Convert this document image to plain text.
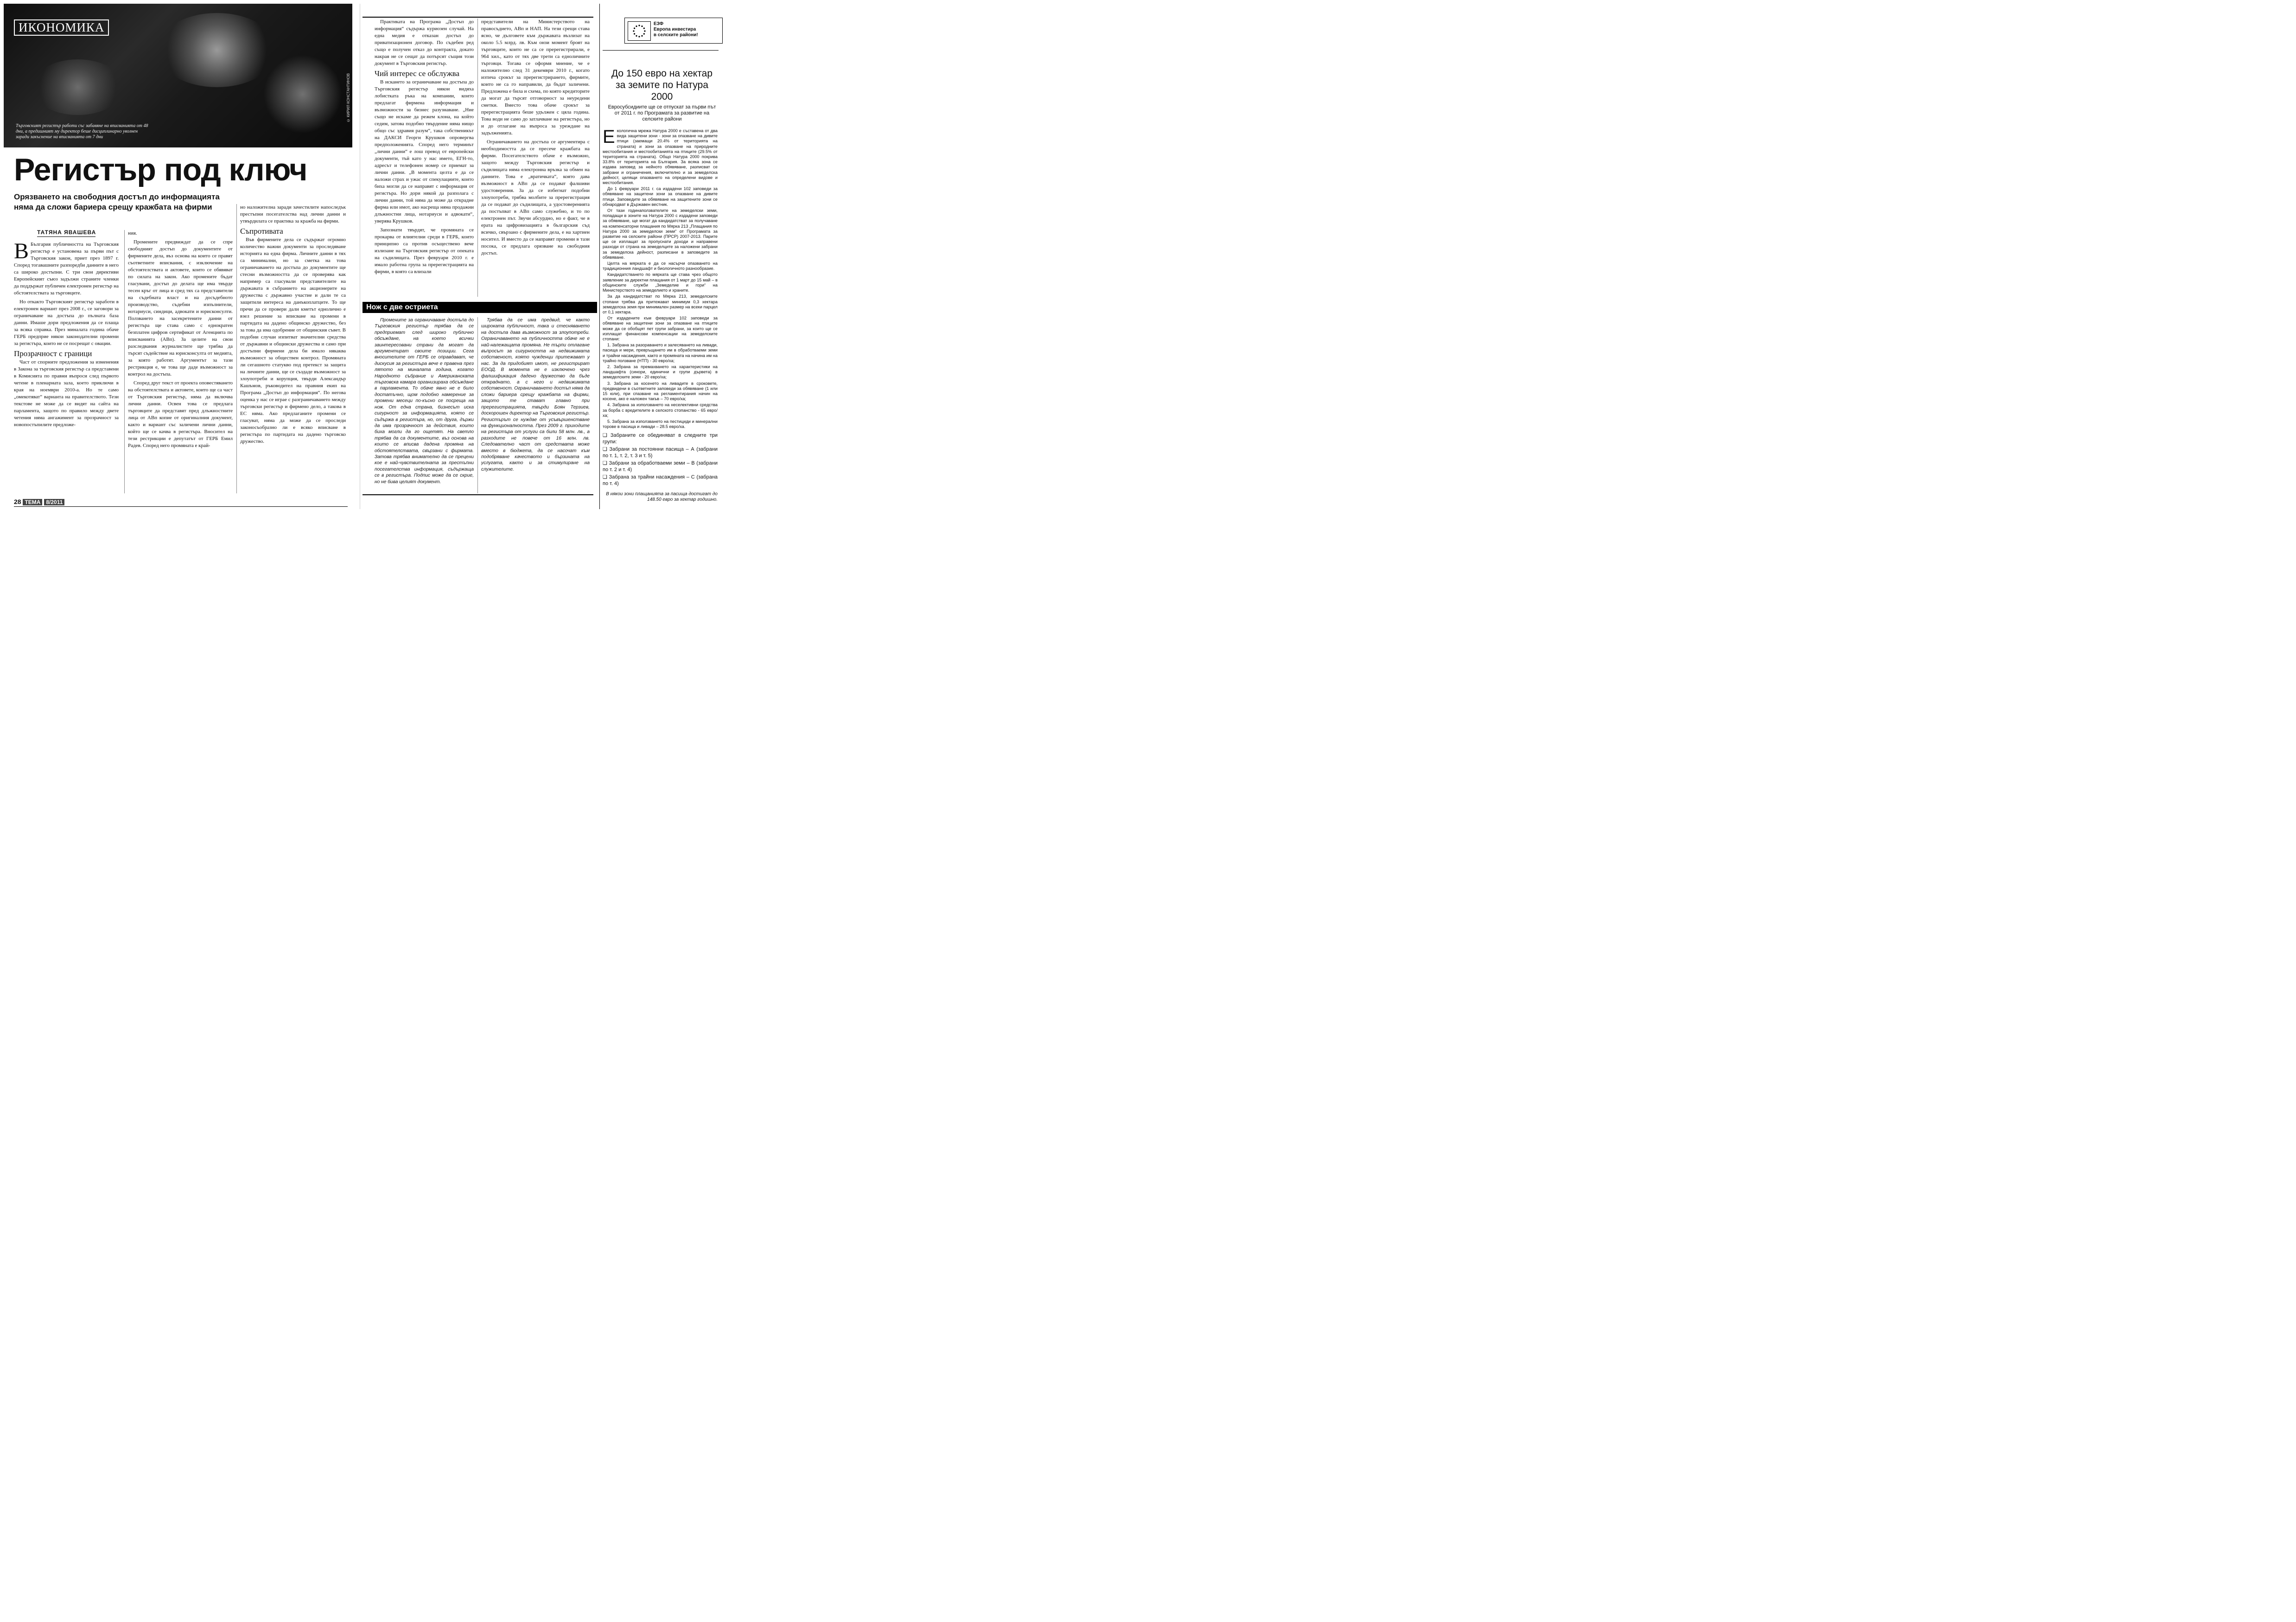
ИКОНОМИКА
Търговският регистър работи със забавяне на вписванията от 48 дни, а предишният му директор беше дисциплинарно уволнен заради закъснение на вписванията от 7 дни
© КИРИЛ КОНСТАНТИНОВ
Регистър под ключ
Орязването на свободния достъп до информацията няма да сложи бариера срещу кражбата на фирми
ТАТЯНА ЯВАШЕВА

В България публичността на Търговския регистър е установена за първи път с Търговския закон, приет през 1897 г. Според тогавашните разпоредби данните в него са широко достъпни. С три свои директиви Европейският съюз задължи страните членки да поддържат публичен електронен регистър на обстоятелствата за търговците.

Но откакто Търговският регистър заработи в електронен вариант през 2008 г., се заговори за ограничаване на достъпа до пълната база данни. Имаше дори предложения да се плаща за всяка справка. През миналата година обаче ГЕРБ предприе някои законодателни промени за регистъра, които не се посрещат с овации.

Прозрачност с граници

Част от спорните предложения за изменения в Закона за търговския регистър са представени в Комисията по правни въпроси след първото четене в пленарната зала, което приключи в края на ноември 2010-а. Но те само „омекотяват“ варианта на правителството. Тези текстове не може да се видят на сайта на парламента, защото по правило между двете четения няма ангажимент за прозрачност за новопостъпилите предложе-

ния.

Промените предвиждат да се спре свободният достъп до документите от фирмените дела, въз основа на които се правят съответните вписвания, с изключение на обстоятелствата и актовете, които се обявяват по силата на закон. Ако промените бъдат гласувани, достъп до делата ще има твърде тесен кръг от лица и сред тях са представители на съдебната власт и на досъдебното производство, съдебни изпълнители, нотариуси, синдици, адвокати и юрисконсулти. Ползването на засекретените данни от регистъра ще става само с еднократен безплатен цифров сертификат от Агенцията по вписванията (АВп). За целите на свои разследвания журналистите ще трябва да търсят съдействие на юрисконсулта от медията, за която работят. Аргументът за тази рестрикция е, че това ще даде възможност за контрол на достъпа.

Според друг текст от проекта оповестяването на обстоятелствата и актовете, които ще са част от Търговския регистър, няма да включва лични данни. Освен това се предлага търговците да представят пред длъжностните лица от АВп копие от оригиналния документ, както и вариант със заличени лични данни, който ще се качва в регистъра. Вносител на тези рестрикции е депутатът от ГЕРБ Емил Радев. Според него промяната е край-

но наложителна заради зачестилите напоследък престъпни посегателства над лични данни и утвърдилата се практика за кражба на фирми.

Съпротивата

Във фирмените дела се съдържат огромно количество важни документи за проследяване историята на една фирма. Личните данни в тях са минимални, но за сметка на това ограничаването на достъпа до документите ще стесни възможността да се проверява как например са гласували представителите на държавата в събранието на акционерите на дружества с държавно участие и дали те са защитили интереса на данъкоплатците. То ще пречи да се провери дали кметът еднолично е взел решение за вписване на промени в партидата на дадено общинско дружество, без за това да има одобрение от общинския съвет. В подобни случаи изпитват значителни средства от държавни и общински дружества и само при достъпни фирмени дела би имало някаква възможност за обществен контрол. Промяната ли сегашното статукво под претекст за защита на личните данни, ще се създаде възможност за злоупотреби и корупция, твърди Александър Кашъмов, ръководител на правния екип на Програма „Достъп до информация“. По негова оценка у нас се играе с разграничаването между търговски регистър и фирмено дело, а такова в ЕС няма. Ако предлаганите промени се гласуват, няма да може да се проследи законосъобразно ли е всяко вписване в регистъра по партидата на дадено търговско дружество.

Практиката на Програма „Достъп до информация“ съдържа куриозен случай. На една медия е отказан достъп до приватизационен договор. По съдебен ред също е получен отказ до контракта, докато накрая не се сещат да потърсят същия този документ в Търговския регистър.

Чий интерес се обслужва

В искането за ограничаване на достъпа до Търговския регистър някои видяха лобистката ръка на компании, които предлагат фирмена информация и възможности за бизнес разузнаване. „Ние също не искаме да режем клона, на който седим, затова подобно твърдение няма нищо общо със здравия разум“, така собственикът на ДАКСИ Георги Крушков опровергва предположенията. Според него терминът „лични данни“ е лош превод от европейски документи, тъй като у нас името, ЕГН-то, адресът и телефонен номер се приемат за лични данни. „В момента целта е да се наложи страх и ужас от спекулациите, които биха могли да се направят с информация от регистъра. Но дори някой да разполага с лични данни, той няма да може да открадне фирма или имот, ако насреща няма продажни длъжностни лица, нотариуси и адвокати“, уверява Крушков.

Запознати твърдят, че промяната се прокарва от влиятелни среди в ГЕРБ, които принципно са против осъществено вече излизане на Търговския регистър от опеката на съдилищата. През февруари 2010 г. е имало работна група за пререгистрацията на фирми, в която са влизали

представители на Министерството на правосъдието, АВп и НАП. На тези срещи става ясно, че дълговете към държавата възлизат на около 5.5 млрд. лв. Към онзи момент броят на търговците, които не са се пререгистрирали, е 964 хил., като от тях две трети са едноличните търговци. Тогава се оформя мнение, че е наложително след 31 декември 2010 г., когато изтича срокът за пререгистрирането, фирмите, които не са го направили, да бъдат заличени. Предложена е била и схема, по която кредиторите да могат да търсят отговорност за неуредени сметки. Вместо това обаче срокът за пререгистрацията беше удължен с цяла година. Това води не само до затлачване на регистъра, но и до отлагане на въпроса за уреждане на задълженията.

Ограничаването на достъпа се аргументира с необходимостта да се пресече кражбата на фирми. Посегателството обаче е възможно, защото между Търговския регистър и съдилищата няма електронна връзка за обмен на данните. Това е „вратичката“, която дава възможност в АВп да се подават фалшиви удостоверения. За да се избегнат подобни злоупотреби, трябва молбите за пререгистрация да се подават до съдилищата, а удостоверенията да постъпват в АВп само служебно, и то по електронен път. Звучи абсурдно, но е факт, че в ерата на цифровизацията в българския съд всичко, свързано с фирмените дела, е на хартиен носител. И вместо да се направят промени в тази посока, се предлага орязване на свободния достъп.

Нож с две остриета

Промените за ограничаване достъпа до Търговския регистър трябва да се предприемат след широко публично обсъждане, на което всички заинтересовани страни да могат да аргументират своите позиции. Сега вносителите от ГЕРБ се оправдават, че дискусия за регистъра вече е правена през лятото на миналата година, когато Народното събрание и Американската търговска камара организираха обсъждане в парламента. То обаче явно не е било достатъчно, щом подобно намерение за промени месеци по-късно се посреща на нож. От една страна, бизнесът иска сигурност за информацията, която се съдържа в регистъра, но, от друга, държи да има прозрачност за действия, които биха могли да го ощетят. На светло трябва да са документите, въз основа на които се вписва дадена промяна на обстоятелствата, свързани с фирмата. Затова трябва внимателно да се прецени кое е най-чувствителната за престъпни посегателства информация, съдържаща се в регистъра. Подпис може да се скрие, но не бива целият документ.

Трябва да се има предвид, че както широката публичност, така и стесняването на достъпа дава възможност за злоупотреби. Ограничаването на публичността обаче не е най-належащата промяна. Не търпи отлагане въпросът за сигурността на недвижимата собственост, която чужденци притежават у нас. За да придобият имот, не регистрират ЕООД. В момента не е изключено чрез фалшификация дадено дружество да бъде откраднато, а с него и недвижимата собственост. Ограничаването достъп няма да сложи бариера срещу кражбата на фирми, защото те стават главно при пререгистрацията, твърди Боян Терзиев, доскорошен директор на Търговския регистър. Регистърът се нуждае от усъвършенстване на функционалността. През 2009 г. приходите на регистъра от услуги са били 58 млн. лв., а разходите не повече от 16 млн. лв. Следователно част от средствата може вместо в бюджета, да се насочат към подобряване качеството и бързината на услугата, както и за стимулиране на служителите.

28 ТЕМА 8/2011
ЕЗФ
Европа инвестира
в селските райони!
До 150 евро на хектар за земите по Натура 2000
Евросубсидиите ще се отпускат за първи път от 2011 г. по Програмата за развитие на селските райони

Екологична мрежа Натура 2000 е съставена от два вида защитени зони - зони за опазване на дивите птици (заемащи 20.4% от територията на страната) и зони за опазване на природните местообитания и местообитанията на птиците (29.5% от територията на страната). Общо Натура 2000 покрива 33.8% от територията на България. За всяка зона се издава заповед за нейното обявяване, разписват се забрани и ограничения, включително и за земеделска дейност, целящи опазването на определени видове и местообитания.

До 1 февруари 2011 г. са издадени 102 заповеди за обявяване на защитени зони за опазване на дивите птици. Заповедите за обявяване на защитените зони се обнародват в Държавен вестник.

От тази годинаползвателите на земеделски земи, попадащи в зоните на Натура 2000 с издадени заповеди за обявяване, ще могат да кандидатстват за получаване на компенсаторни плащания по Мярка 213 „Плащания по Натура 2000 за земеделски земи“ от Програмата за развитие на селските райони (ПРСР) 2007-2013. Парите ще се изплащат за пропуснати доходи и направени разходи от страна на земеделците за наложени забрани за земеделска дейност, разписани в заповедите за обявяване.

Целта на мярката е да се насърчи опазването на традиционния ландшафт и биологичното разнообразие.

Кандидатстването по мярката ще става чрез общото заявление за директни плащания от 1 март до 15 май – в общинските служби „Земеделие и гори“ на Министерството на земеделието и храните.

За да кандидатстват по Мярка 213, земеделските стопани трябва да притежават минимум 0,3 хектара земеделска земя при минимален размер на всеки парцел от 0,1 хектара.

От издадените към февруари 102 заповеди за обявяване на защитени зони за опазване на птиците може да се обобщят пет групи забрани, за които ще се изплащат финансови компенсации на земеделските стопани:

1. Забрана за разораването и залесяването на ливади, пасища и мери, превръщането им в обработваеми земи и трайни насаждения, както и промяната на начина им на трайно ползване (НТП) - 30 евро/ха;

2. Забрана за премахването на характеристики на ландшафта (синори, единични и групи дървета) в земеделските земи - 20 евро/ха;

3. Забрана за косенето на ливадите в сроковете, предвидени в съответните заповеди за обявяване (1 или 15 юли), при спазване на регламентирания начин на косене, ако е наложен такъв – 70 евро/ха;

4. Забрана за използването на неселективни средства за борба с вредителите в селското стопанство - 65 евро/ха;

5. Забрана за използването на пестициди и минерални торове в пасища и ливади – 28.5 евро/ха.

❑ Забраните се обединяват в следните три групи:

❑ Забрани за постоянни пасища – А (забрани по т. 1, т. 2, т. 3 и т. 5)

❑ Забрани за обработваеми земи – В (забрани по т. 2 и т. 4)

❑ Забрана за трайни насаждения – С (забрана по т. 4)

В някои зони плащанията за пасища достигат до 148.50 евро за хектар годишно.
